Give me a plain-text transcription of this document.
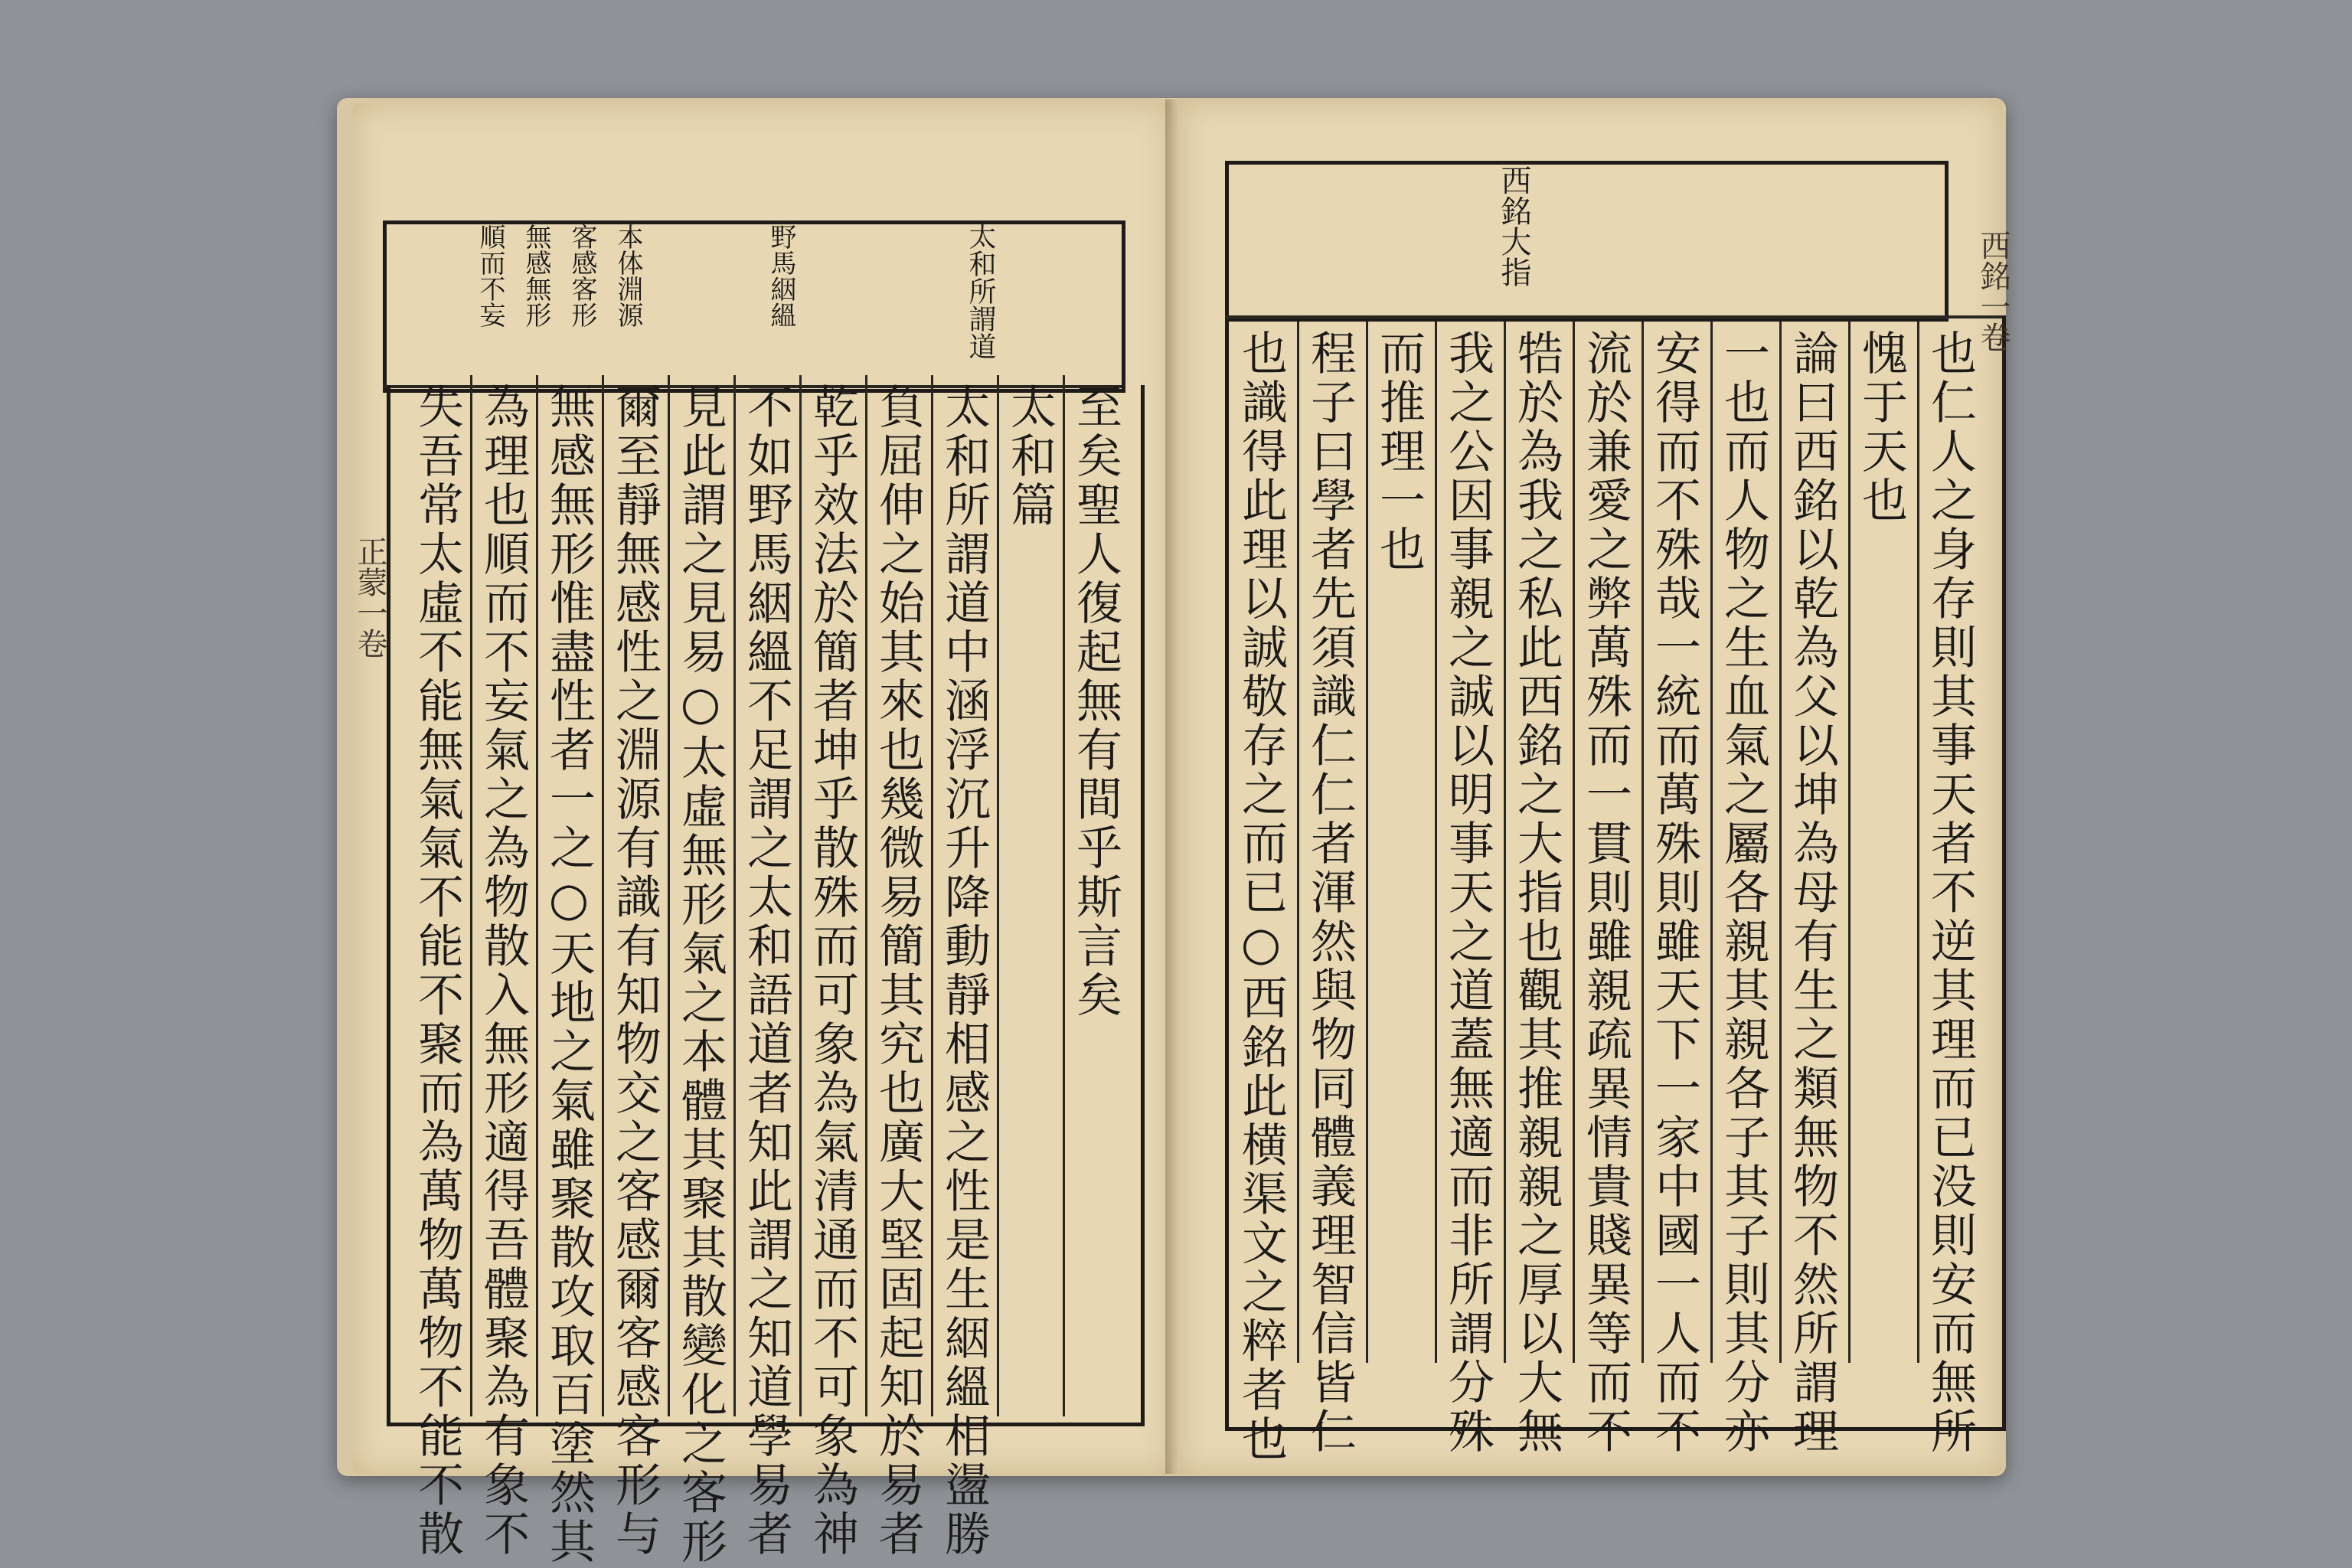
太和所謂道
野馬絪縕
本体淵源
客感客形
無感無形
順而不妄
至矣聖人復起無有間乎斯言矣
太和篇
太和所謂道中涵浮沉升降動靜相感之性是生絪縕相盪勝
負屈伸之始其來也幾微易簡其究也廣大堅固起知於易者
乾乎效法於簡者坤乎散殊而可象為氣清通而不可象為神
不如野馬絪縕不足謂之太和語道者知此謂之知道學易者
見此謂之見易○太虛無形氣之本體其聚其散變化之客形
爾至靜無感性之淵源有識有知物交之客感爾客感客形与
無感無形惟盡性者一之○天地之氣雖聚散攻取百塗然其
為理也順而不妄氣之為物散入無形適得吾體聚為有象不
失吾常太虛不能無氣氣不能不聚而為萬物萬物不能不散
正蒙一卷
西銘大指
也仁人之身存則其事天者不逆其理而已没則安而無所
愧于天也
論曰西銘以乾為父以坤為母有生之類無物不然所謂理
一也而人物之生血氣之屬各親其親各子其子則其分亦
安得而不殊哉一統而萬殊則雖天下一家中國一人而不
流於兼愛之弊萬殊而一貫則雖親疏異情貴賤異等而不
牿於為我之私此西銘之大指也觀其推親親之厚以大無
我之公因事親之誠以明事天之道蓋無適而非所謂分殊
而推理一也
程子曰學者先須識仁仁者渾然與物同體義理智信皆仁
也識得此理以誠敬存之而已○西銘此横渠文之粹者也
西銘一卷
